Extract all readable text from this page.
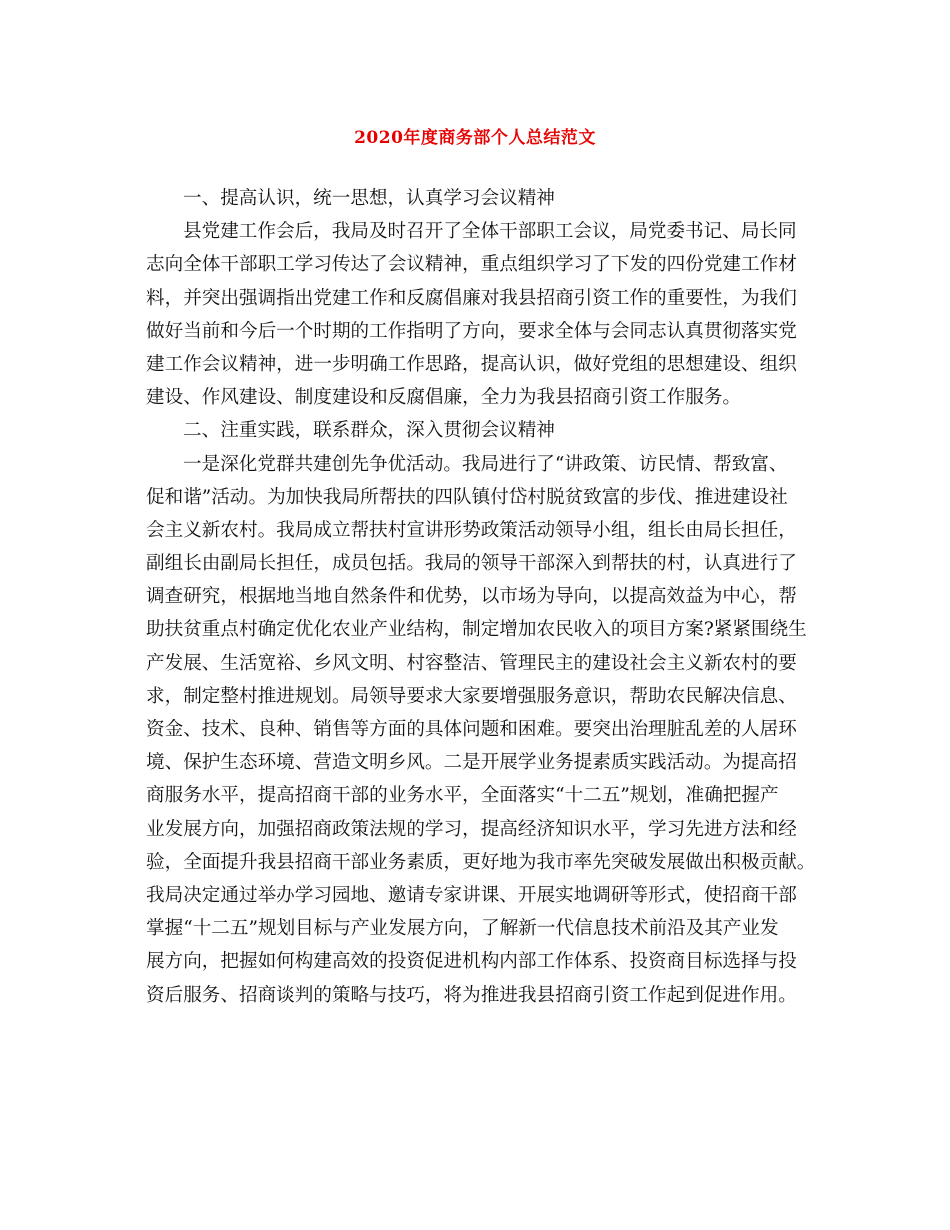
2020年度商务部个人总结范文
一、提高认识，统一思想，认真学习会议精神
县党建工作会后，我局及时召开了全体干部职工会议，局党委书记、局长同
志向全体干部职工学习传达了会议精神，重点组织学习了下发的四份党建工作材
料，并突出强调指出党建工作和反腐倡廉对我县招商引资工作的重要性，为我们
做好当前和今后一个时期的工作指明了方向，要求全体与会同志认真贯彻落实党
建工作会议精神，进一步明确工作思路，提高认识，做好党组的思想建设、组织
建设、作风建设、制度建设和反腐倡廉，全力为我县招商引资工作服务。
二、注重实践，联系群众，深入贯彻会议精神
一是深化党群共建创先争优活动。我局进行了“讲政策、访民情、帮致富、
促和谐”活动。为加快我局所帮扶的四队镇付岱村脱贫致富的步伐、推进建设社
会主义新农村。我局成立帮扶村宣讲形势政策活动领导小组，组长由局长担任，
副组长由副局长担任，成员包括。我局的领导干部深入到帮扶的村，认真进行了
调查研究，根据地当地自然条件和优势，以市场为导向，以提高效益为中心，帮
助扶贫重点村确定优化农业产业结构，制定增加农民收入的项目方案?紧紧围绕生
产发展、生活宽裕、乡风文明、村容整洁、管理民主的建设社会主义新农村的要
求，制定整村推进规划。局领导要求大家要增强服务意识，帮助农民解决信息、
资金、技术、良种、销售等方面的具体问题和困难。要突出治理脏乱差的人居环
境、保护生态环境、营造文明乡风。二是开展学业务提素质实践活动。为提高招
商服务水平，提高招商干部的业务水平，全面落实“十二五”规划，准确把握产
业发展方向，加强招商政策法规的学习，提高经济知识水平，学习先进方法和经
验，全面提升我县招商干部业务素质，更好地为我市率先突破发展做出积极贡献。
我局决定通过举办学习园地、邀请专家讲课、开展实地调研等形式，使招商干部
掌握“十二五”规划目标与产业发展方向，了解新一代信息技术前沿及其产业发
展方向，把握如何构建高效的投资促进机构内部工作体系、投资商目标选择与投
资后服务、招商谈判的策略与技巧，将为推进我县招商引资工作起到促进作用。
